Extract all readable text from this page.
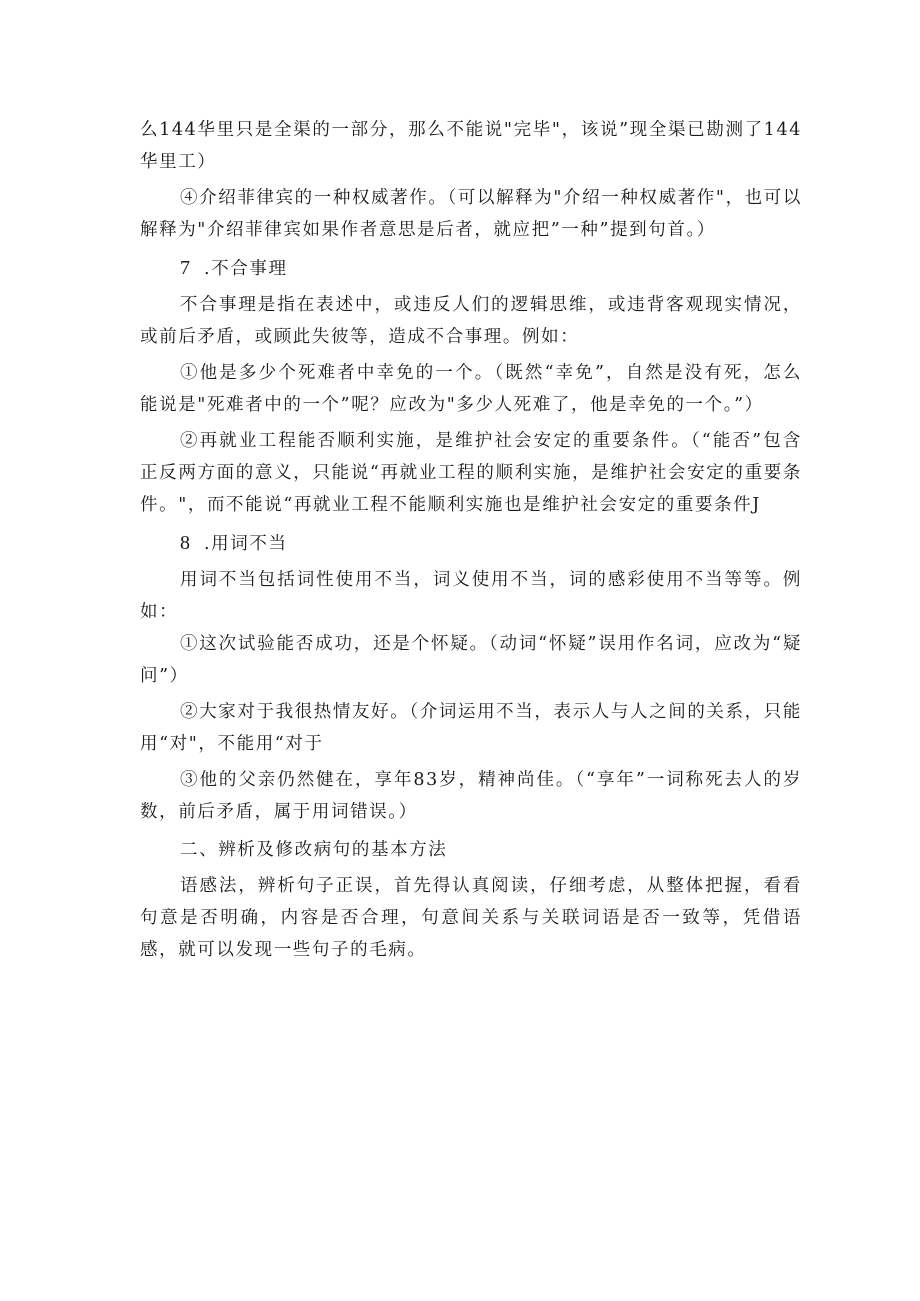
么144华里只是全渠的一部分，那么不能说"完毕"，该说”现全渠已勘测了144华里工）

④介绍菲律宾的一种权威著作。（可以解释为"介绍一种权威著作"，也可以解释为"介绍菲律宾如果作者意思是后者，就应把”一种”提到句首。）

7 .不合事理

不合事理是指在表述中，或违反人们的逻辑思维，或违背客观现实情况，或前后矛盾，或顾此失彼等，造成不合事理。例如：

①他是多少个死难者中幸免的一个。（既然“幸免”，自然是没有死，怎么能说是"死难者中的一个”呢？应改为"多少人死难了，他是幸免的一个。”）

②再就业工程能否顺利实施，是维护社会安定的重要条件。（“能否”包含正反两方面的意义，只能说“再就业工程的顺利实施，是维护社会安定的重要条件。"，而不能说“再就业工程不能顺利实施也是维护社会安定的重要条件J

8 .用词不当

用词不当包括词性使用不当，词义使用不当，词的感彩使用不当等等。例如：

①这次试验能否成功，还是个怀疑。（动词“怀疑”误用作名词，应改为“疑问”）

②大家对于我很热情友好。（介词运用不当，表示人与人之间的关系，只能用“对"，不能用“对于

③他的父亲仍然健在，享年83岁，精神尚佳。（“享年”一词称死去人的岁数，前后矛盾，属于用词错误。）

二、辨析及修改病句的基本方法

语感法，辨析句子正误，首先得认真阅读，仔细考虑，从整体把握，看看句意是否明确，内容是否合理，句意间关系与关联词语是否一致等，凭借语感，就可以发现一些句子的毛病。
